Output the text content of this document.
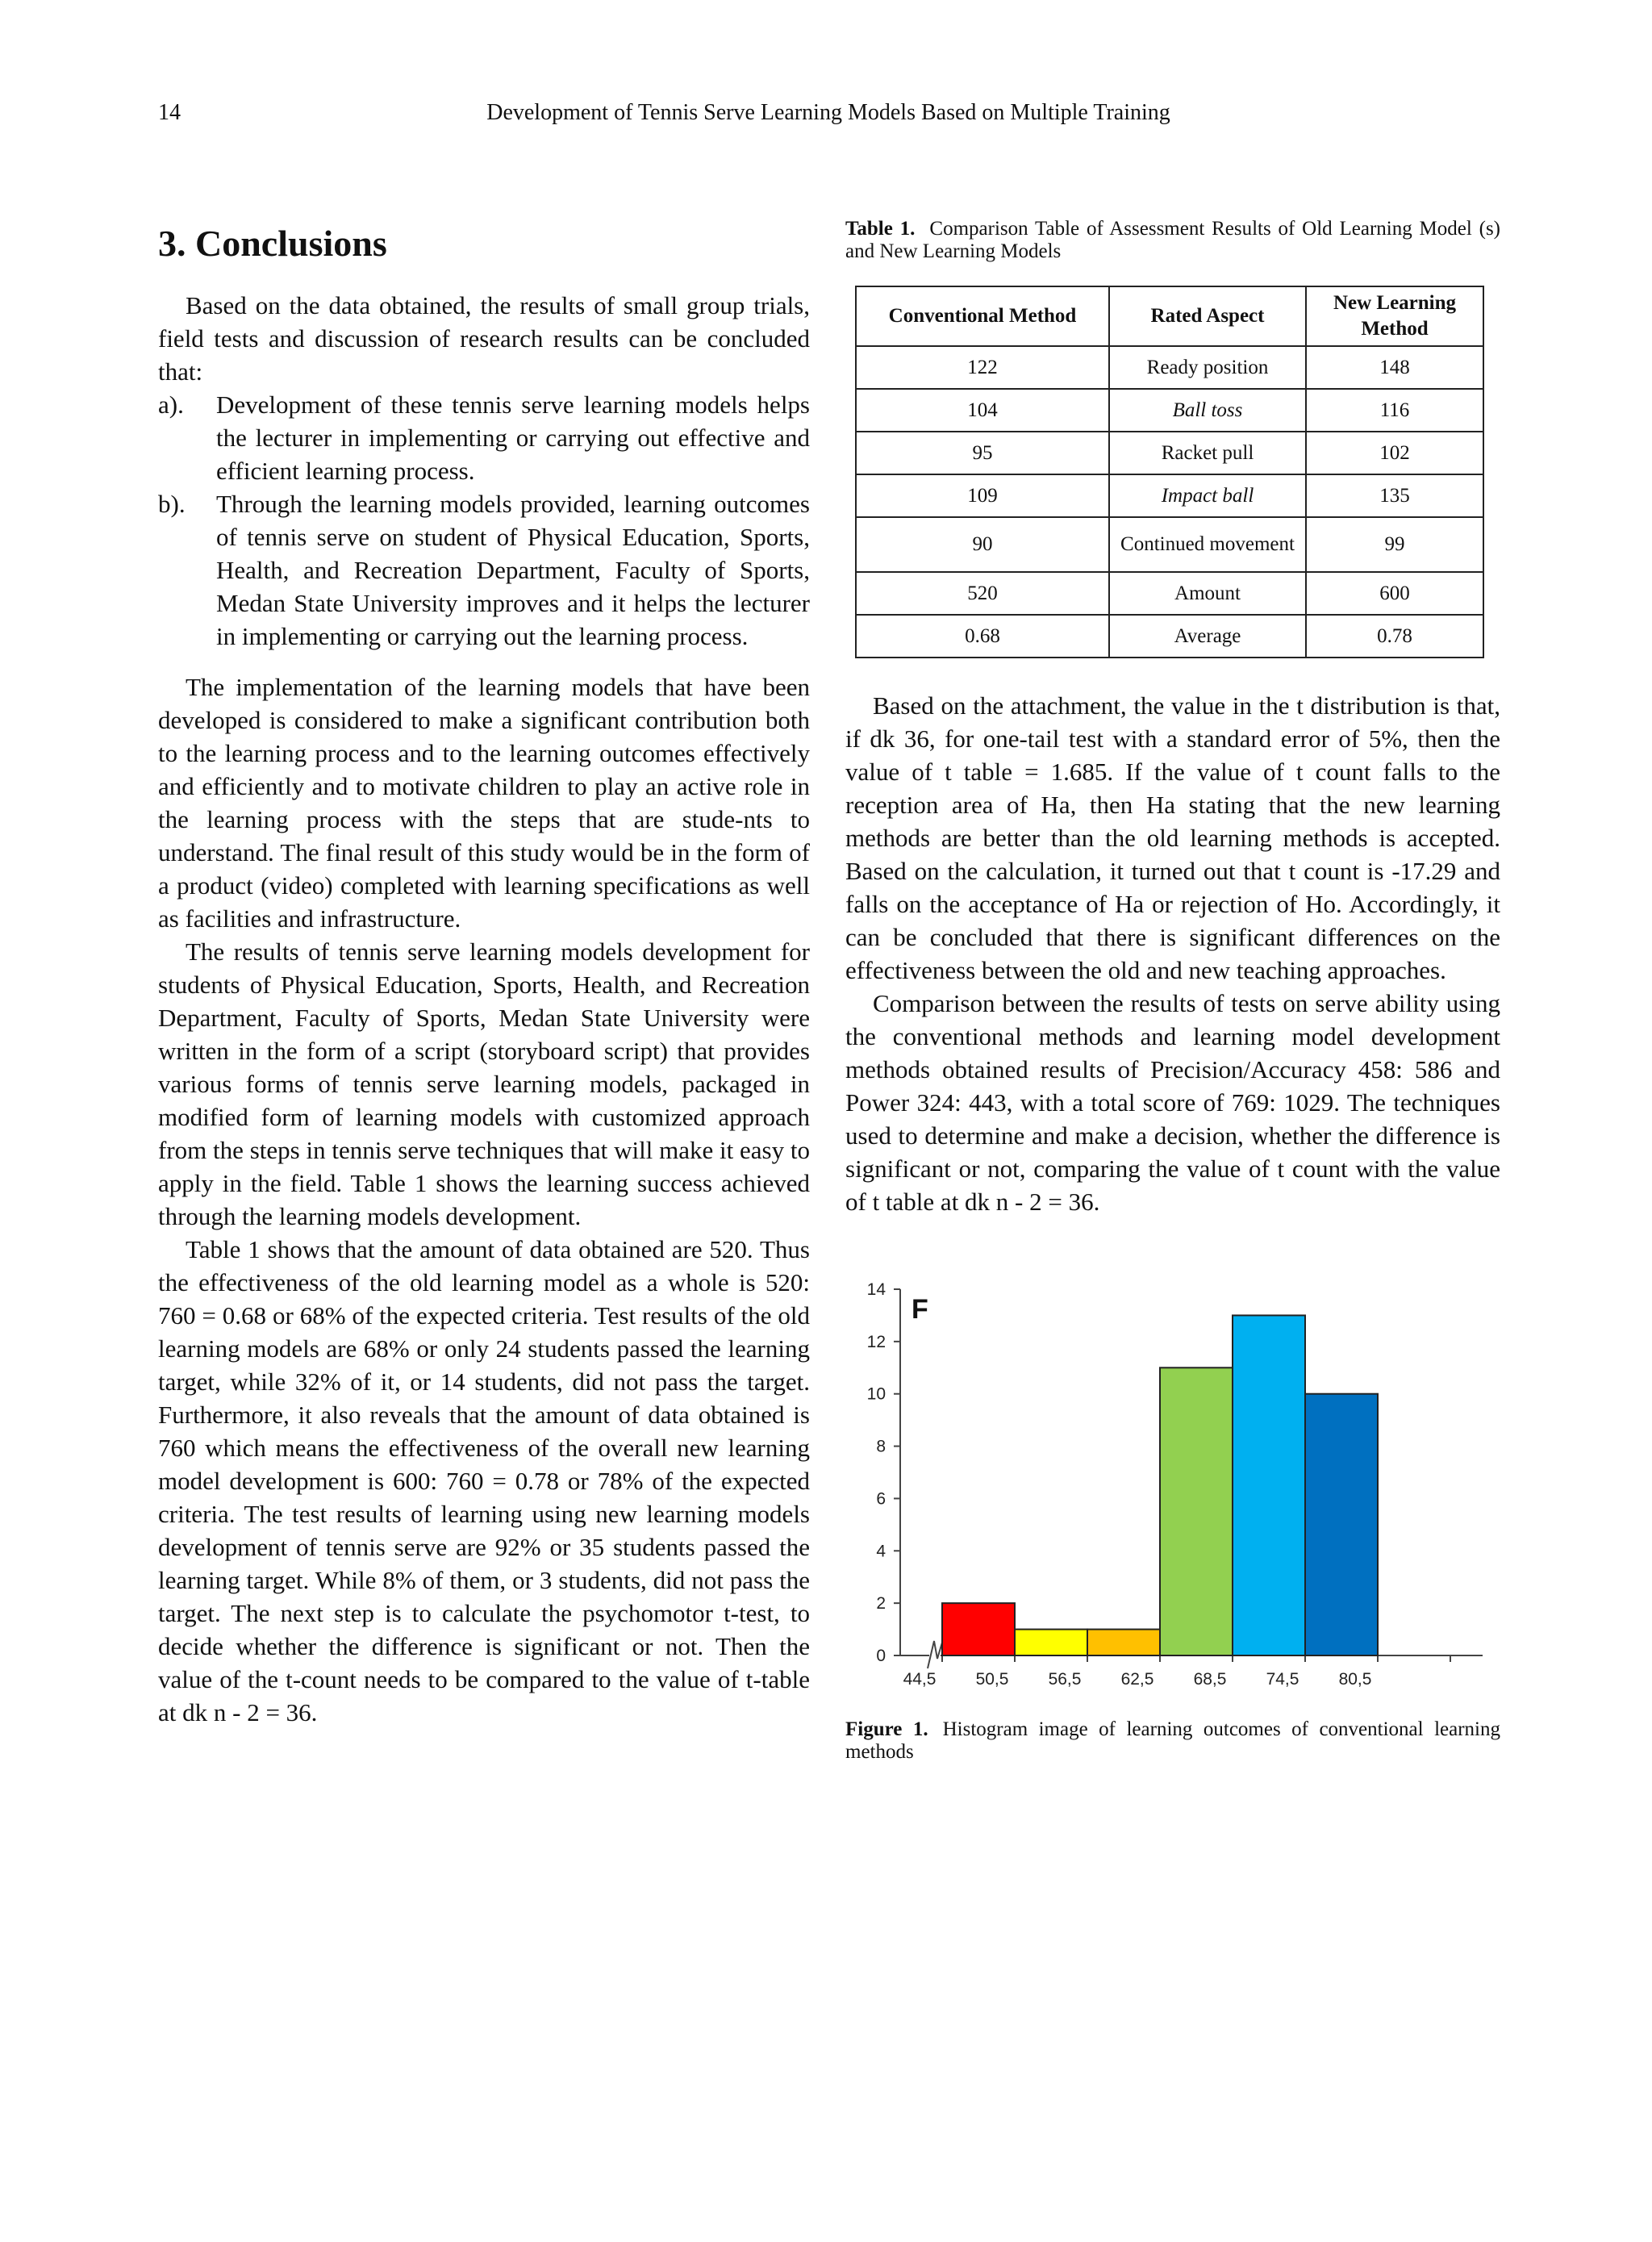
14	Development of Tennis Serve Learning Models Based on Multiple Training
3. Conclusions

Based on the data obtained, the results of small group trials, field tests and discussion of research results can be concluded that:

a).	Development of these tennis serve learning models helps the lecturer in implementing or carrying out effective and efficient learning process.
b).	Through the learning models provided, learning outcomes of tennis serve on student of Physical Education, Sports, Health, and Recreation Department, Faculty of Sports, Medan State University improves and it helps the lecturer in implementing or carrying out the learning process.

The implementation of the learning models that have been developed is considered to make a significant contribution both to the learning process and to the learning outcomes effectively and efficiently and to motivate children to play an active role in the learning process with the steps that are stude-nts to understand. The final result of this study would be in the form of a product (video) completed with learning specifications as well as facilities and infrastructure.

The results of tennis serve learning models development for students of Physical Education, Sports, Health, and Recreation Department, Faculty of Sports, Medan State University were written in the form of a script (storyboard script) that provides various forms of tennis serve learning models, packaged in modified form of learning models with customized approach from the steps in tennis serve techniques that will make it easy to apply in the field. Table 1 shows the learning success achieved through the learning models development.

Table 1 shows that the amount of data obtained are 520. Thus the effectiveness of the old learning model as a whole is 520: 760 = 0.68 or 68% of the expected criteria. Test results of the old learning models are 68% or only 24 students passed the learning target, while 32% of it, or 14 students, did not pass the target. Furthermore, it also reveals that the amount of data obtained is 760 which means the effectiveness of the overall new learning model development is 600: 760 = 0.78 or 78% of the expected criteria. The test results of learning using new learning models development of tennis serve are 92% or 35 students passed the learning target. While 8% of them, or 3 students, did not pass the target. The next step is to calculate the psychomotor t-test, to decide whether the difference is significant or not. Then the value of the t-count needs to be compared to the value of t-table at dk n - 2 = 36.

Table 1. Comparison Table of Assessment Results of Old Learning Model (s) and New Learning Models

Conventional Method	Rated Aspect	New Learning Method
122	Ready position	148
104	Ball toss	116
95	Racket pull	102
109	Impact ball	135
90	Continued movement	99
520	Amount	600
0.68	Average	0.78

Based on the attachment, the value in the t distribution is that, if dk 36, for one-tail test with a standard error of 5%, then the value of t table = 1.685. If the value of t count falls to the reception area of Ha, then Ha stating that the new learning methods are better than the old learning methods is accepted. Based on the calculation, it turned out that t count is -17.29 and falls on the acceptance of Ha or rejection of Ho. Accordingly, it can be concluded that there is significant differences on the effectiveness between the old and new teaching approaches.

Comparison between the results of tests on serve ability using the conventional methods and learning model development methods obtained results of Precision/Accuracy 458: 586 and Power 324: 443, with a total score of 769: 1029. The techniques used to determine and make a decision, whether the difference is significant or not, comparing the value of t count with the value of t table at dk n - 2 = 36.

0
2
4
6
8
10
12
14
44,5 50,5 56,5 62,5 68,5 74,5 80,5
F

Figure 1. Histogram image of learning outcomes of conventional learning methods
